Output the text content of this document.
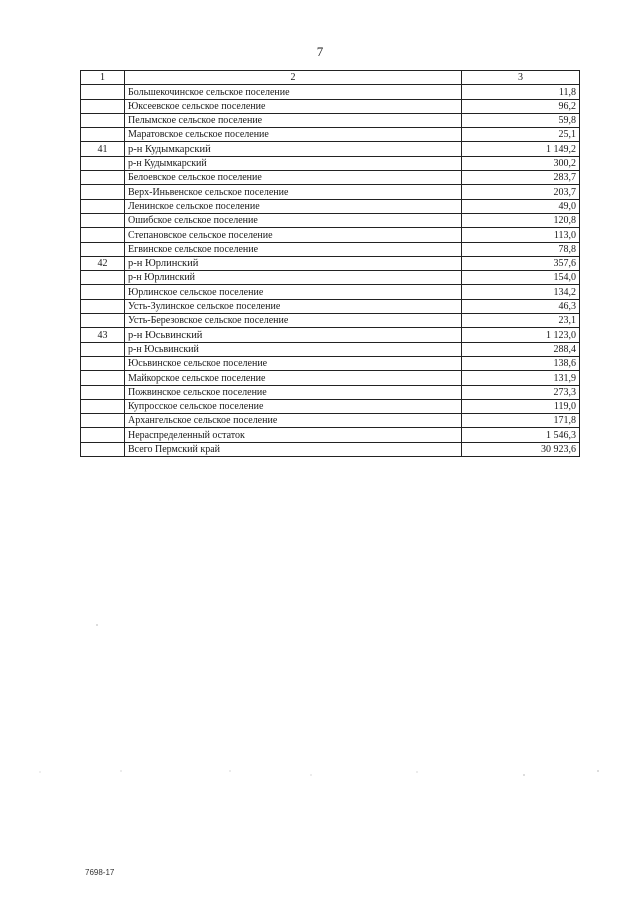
7
1	2	3
	Большекочинское сельское поселение	11,8
	Юксеевское сельское поселение	96,2
	Пелымское сельское поселение	59,8
	Маратовское сельское поселение	25,1
41	р-н Кудымкарский	1 149,2
	р-н Кудымкарский	300,2
	Белоевское сельское поселение	283,7
	Верх-Иньвенское сельское поселение	203,7
	Ленинское сельское поселение	49,0
	Ошибское сельское поселение	120,8
	Степановское сельское поселение	113,0
	Егвинское сельское поселение	78,8
42	р-н Юрлинский	357,6
	р-н Юрлинский	154,0
	Юрлинское сельское поселение	134,2
	Усть-Зулинское сельское поселение	46,3
	Усть-Березовское сельское поселение	23,1
43	р-н Юсьвинский	1 123,0
	р-н Юсьвинский	288,4
	Юсьвинское сельское поселение	138,6
	Майкорское сельское поселение	131,9
	Пожвинское сельское поселение	273,3
	Купросское сельское поселение	119,0
	Архангельское сельское поселение	171,8
	Нераспределенный остаток	1 546,3
	Всего Пермский край	30 923,6
7698-17
